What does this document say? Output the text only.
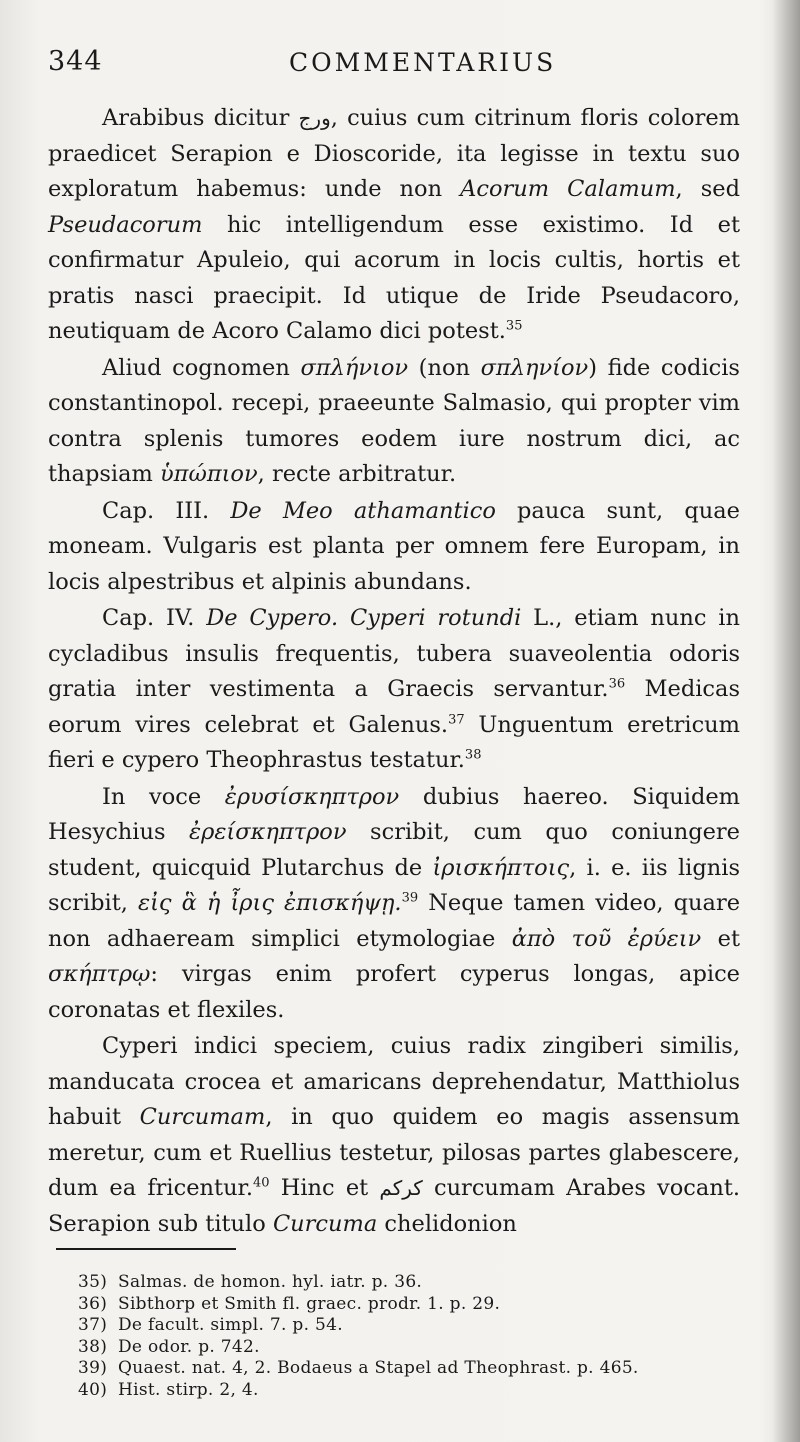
344	COMMENTARIUS

Arabibus dicitur ورج, cuius cum citrinum floris colorem praedicet Serapion e Dioscoride, ita legisse in textu suo exploratum habemus: unde non Acorum Calamum, sed Pseudacorum hic intelligendum esse existimo. Id et confirmatur Apuleio, qui acorum in locis cultis, hortis et pratis nasci praecipit. Id utique de Iride Pseudacoro, neutiquam de Acoro Calamo dici potest.$^{35}$

Aliud cognomen σπλήνιον (non σπληνίον) fide codicis constantinopol. recepi, praeeunte Salmasio, qui propter vim contra splenis tumores eodem iure nostrum dici, ac thapsiam ὑπώπιον, recte arbitratur.

Cap. III. De Meo athamantico pauca sunt, quae moneam. Vulgaris est planta per omnem fere Europam, in locis alpestribus et alpinis abundans.

Cap. IV. De Cypero. Cyperi rotundi L., etiam nunc in cycladibus insulis frequentis, tubera suaveolentia odoris gratia inter vestimenta a Graecis servantur.$^{36}$ Medicas eorum vires celebrat et Galenus.$^{37}$ Unguentum eretricum fieri e cypero Theophrastus testatur.$^{38}$

In voce ἐρυσίσκηπτρον dubius haereo. Siquidem Hesychius ἐρείσκηπτρον scribit, cum quo coniungere student, quicquid Plutarchus de ἰρισκήπτοις, i. e. iis lignis scribit, εἰς ἃ ἡ ἶρις ἐπισκήψῃ.$^{39}$ Neque tamen video, quare non adhaeream simplici etymologiae ἀπὸ τοῦ ἐρύειν et σκήπτρῳ: virgas enim profert cyperus longas, apice coronatas et flexiles.

Cyperi indici speciem, cuius radix zingiberi similis, manducata crocea et amaricans deprehendatur, Matthiolus habuit Curcumam, in quo quidem eo magis assensum meretur, cum et Ruellius testetur, pilosas partes glabescere, dum ea fricentur.$^{40}$ Hinc et کرکم curcumam Arabes vocant. Serapion sub titulo Curcuma chelidonion

35) Salmas. de homon. hyl. iatr. p. 36.
36) Sibthorp et Smith fl. graec. prodr. 1. p. 29.
37) De facult. simpl. 7. p. 54.
38) De odor. p. 742.
39) Quaest. nat. 4, 2. Bodaeus a Stapel ad Theophrast. p. 465.
40) Hist. stirp. 2, 4.
